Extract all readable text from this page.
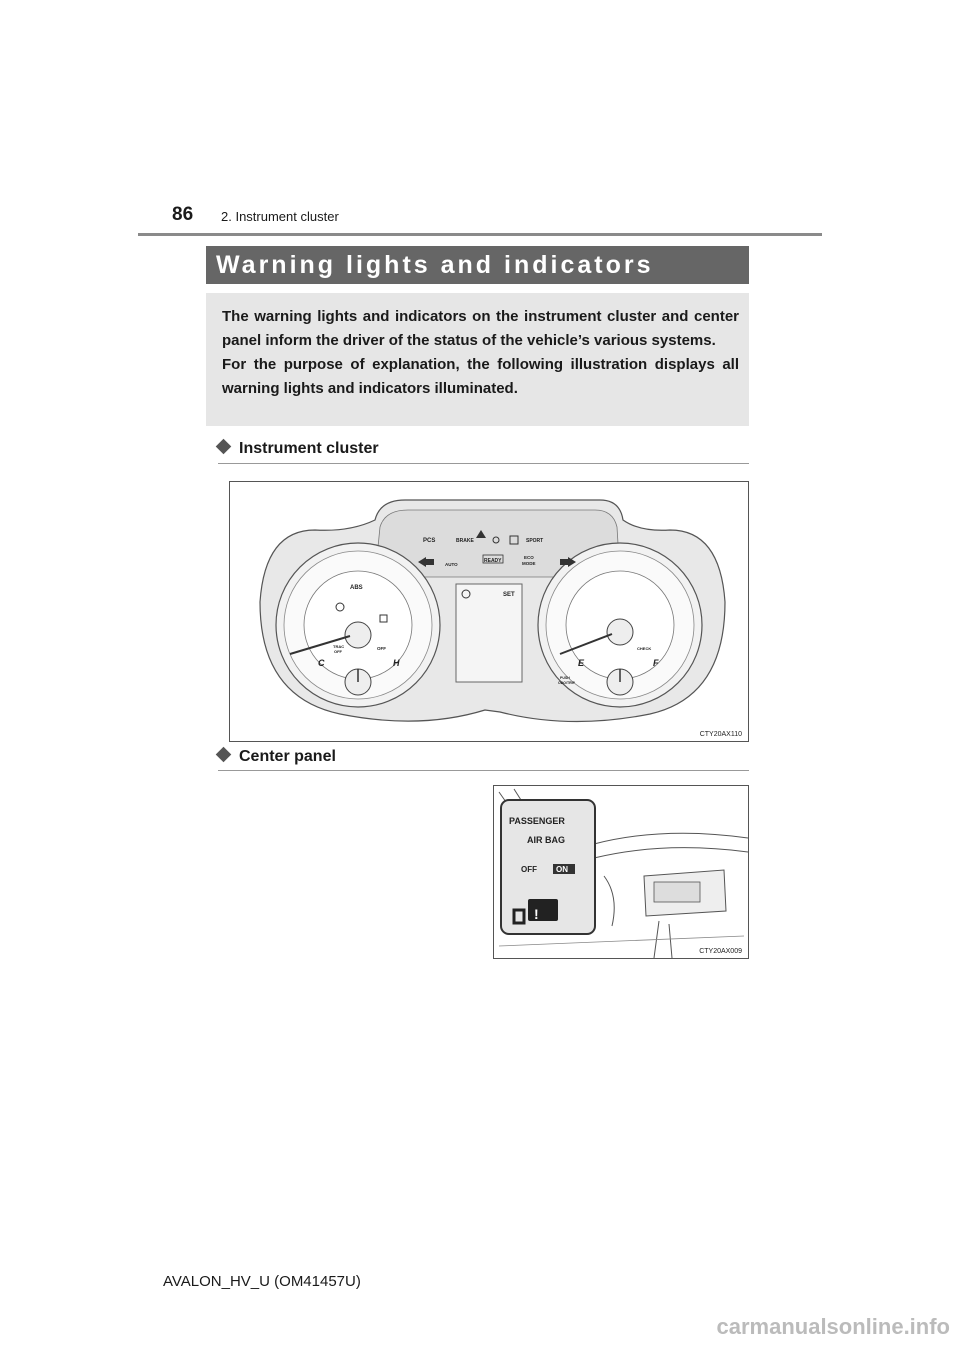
86 2. Instrument cluster
Warning lights and indicators

The warning lights and indicators on the instrument cluster and center panel inform the driver of the status of the vehicle’s various systems.

For the purpose of explanation, the following illustration displays all warning lights and indicators illuminated.

Instrument cluster
PCS	BRAKE	SPORT
AUTO
READY
ECO
MODE
SET
ABS
TRAC
OFF
OFF
C	H	E	F
CHECK
PUSH
ODO/TRIP
CTY20AX110
Center panel
!
PASSENGER
AIR BAG
OFF ON
CTY20AX009
AVALON_HV_U (OM41457U)
carmanualsonline.info
